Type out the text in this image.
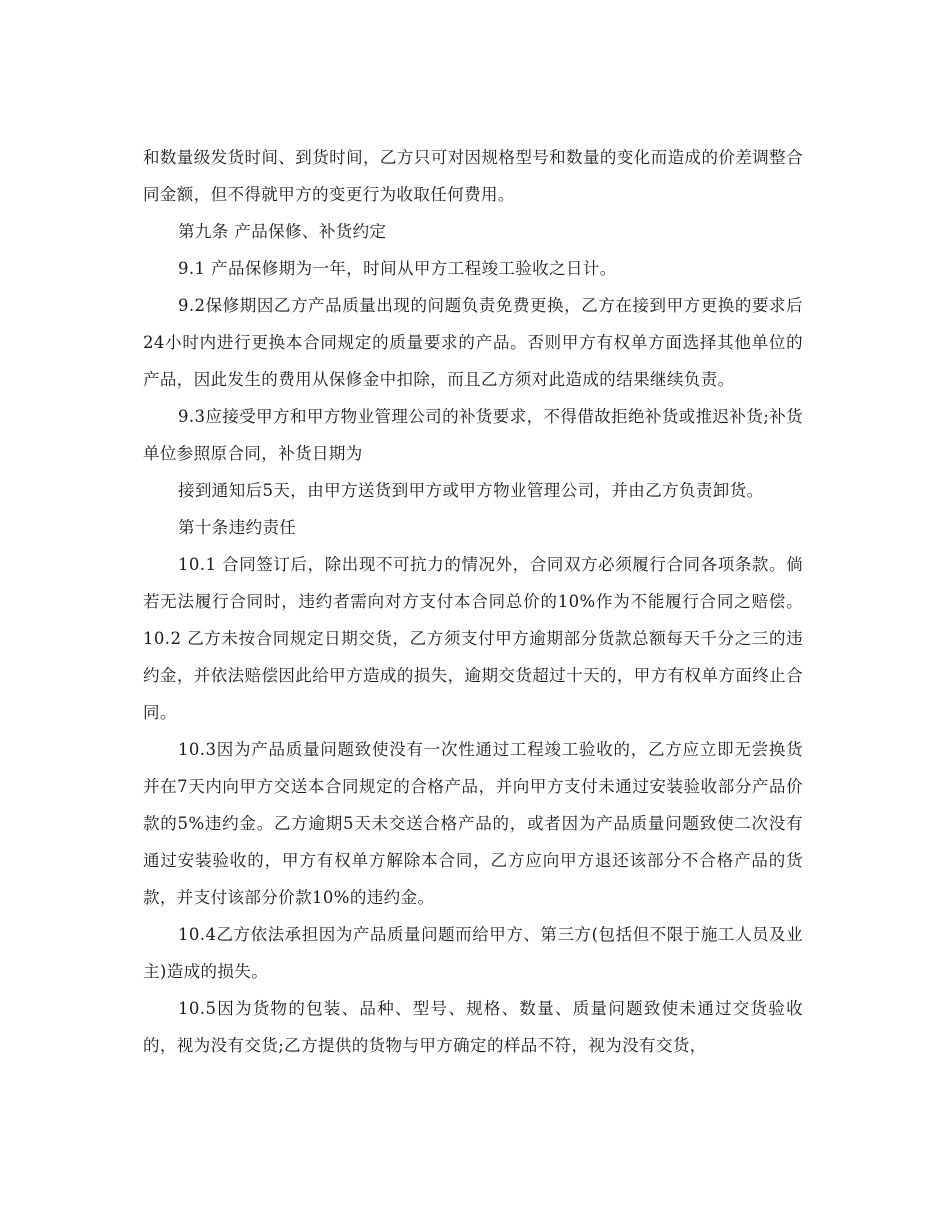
和数量级发货时间、到货时间，乙方只可对因规格型号和数量的变化而造成的价差调整合同金额，但不得就甲方的变更行为收取任何费用。

第九条 产品保修、补货约定

9.1 产品保修期为一年，时间从甲方工程竣工验收之日计。

9.2保修期因乙方产品质量出现的问题负责免费更换，乙方在接到甲方更换的要求后24小时内进行更换本合同规定的质量要求的产品。否则甲方有权单方面选择其他单位的产品，因此发生的费用从保修金中扣除，而且乙方须对此造成的结果继续负责。

9.3应接受甲方和甲方物业管理公司的补货要求，不得借故拒绝补货或推迟补货;补货单位参照原合同，补货日期为

接到通知后5天，由甲方送货到甲方或甲方物业管理公司，并由乙方负责卸货。

第十条违约责任

10.1 合同签订后，除出现不可抗力的情况外，合同双方必须履行合同各项条款。倘若无法履行合同时，违约者需向对方支付本合同总价的10%作为不能履行合同之赔偿。 10.2 乙方未按合同规定日期交货，乙方须支付甲方逾期部分货款总额每天千分之三的违约金，并依法赔偿因此给甲方造成的损失，逾期交货超过十天的，甲方有权单方面终止合同。

10.3因为产品质量问题致使没有一次性通过工程竣工验收的，乙方应立即无尝换货并在7天内向甲方交送本合同规定的合格产品，并向甲方支付未通过安装验收部分产品价款的5%违约金。乙方逾期5天未交送合格产品的，或者因为产品质量问题致使二次没有通过安装验收的，甲方有权单方解除本合同，乙方应向甲方退还该部分不合格产品的货款，并支付该部分价款10%的违约金。

10.4乙方依法承担因为产品质量问题而给甲方、第三方(包括但不限于施工人员及业主)造成的损失。

10.5因为货物的包装、品种、型号、规格、数量、质量问题致使未通过交货验收的，视为没有交货;乙方提供的货物与甲方确定的样品不符，视为没有交货，
